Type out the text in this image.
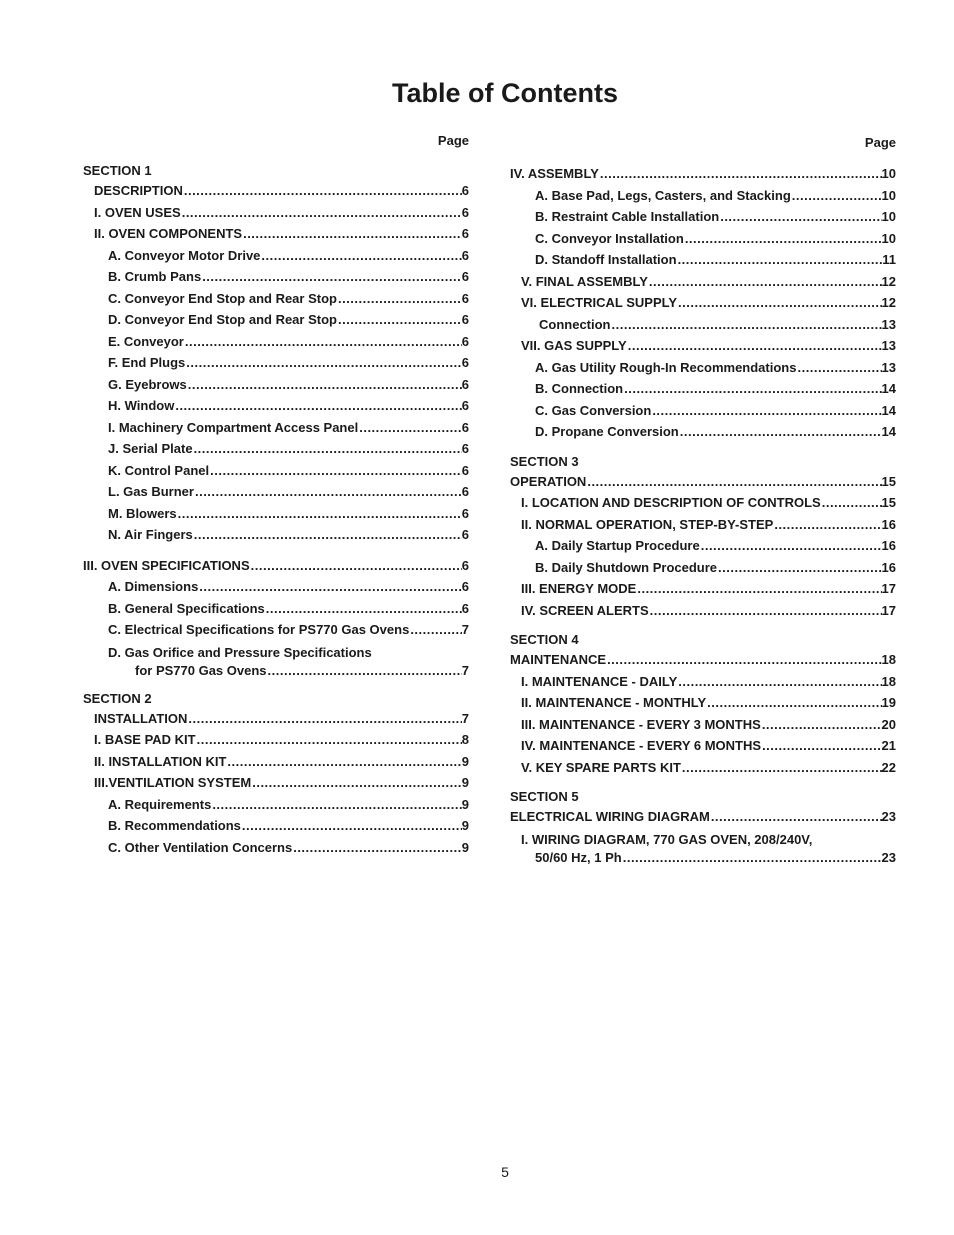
Table of Contents
Page
SECTION 1
DESCRIPTION .....	6
I. OVEN USES .....	6
II. OVEN COMPONENTS .....	6
A. Conveyor Motor Drive .....	6
B. Crumb Pans .....	6
C. Conveyor End Stop and Rear Stop .....	6
D. Conveyor End Stop and Rear Stop .....	6
E. Conveyor .....	6
F. End Plugs .....	6
G. Eyebrows .....	6
H. Window .....	6
I. Machinery Compartment Access Panel .....	6
J. Serial Plate .....	6
K. Control Panel .....	6
L. Gas Burner .....	6
M. Blowers .....	6
N. Air Fingers .....	6
III. OVEN SPECIFICATIONS .....	6
A. Dimensions .....	6
B. General Specifications .....	6
C. Electrical Specifications for PS770 Gas Ovens .....	7
D. Gas Orifice and Pressure Specifications
for PS770 Gas Ovens .....	7
SECTION 2
INSTALLATION .....	7
I. BASE PAD KIT .....	8
II. INSTALLATION KIT .....	9
III.VENTILATION SYSTEM .....	9
A. Requirements .....	9
B. Recommendations .....	9
C. Other Ventilation Concerns .....	9
Page
IV. ASSEMBLY .....	10
A. Base Pad, Legs, Casters, and Stacking .....	10
B. Restraint Cable Installation .....	10
C. Conveyor Installation .....	10
D. Standoff Installation .....	11
V. FINAL ASSEMBLY .....	12
VI. ELECTRICAL SUPPLY .....	12
Connection .....	13
VII. GAS SUPPLY .....	13
A. Gas Utility Rough-In Recommendations .....	13
B. Connection .....	14
C. Gas Conversion .....	14
D. Propane Conversion .....	14
SECTION 3
OPERATION .....	15
I. LOCATION AND DESCRIPTION OF CONTROLS .....	15
II. NORMAL OPERATION, STEP-BY-STEP .....	16
A. Daily Startup Procedure .....	16
B. Daily Shutdown Procedure .....	16
III. ENERGY MODE .....	17
IV. SCREEN ALERTS .....	17
SECTION 4
MAINTENANCE .....	18
I. MAINTENANCE - DAILY .....	18
II. MAINTENANCE - MONTHLY .....	19
III. MAINTENANCE - EVERY 3 MONTHS .....	20
IV. MAINTENANCE - EVERY 6 MONTHS .....	21
V. KEY SPARE PARTS KIT .....	22
SECTION 5
ELECTRICAL WIRING DIAGRAM .....	23
I. WIRING DIAGRAM, 770 GAS OVEN, 208/240V,
50/60 Hz, 1 Ph .....	23
5
